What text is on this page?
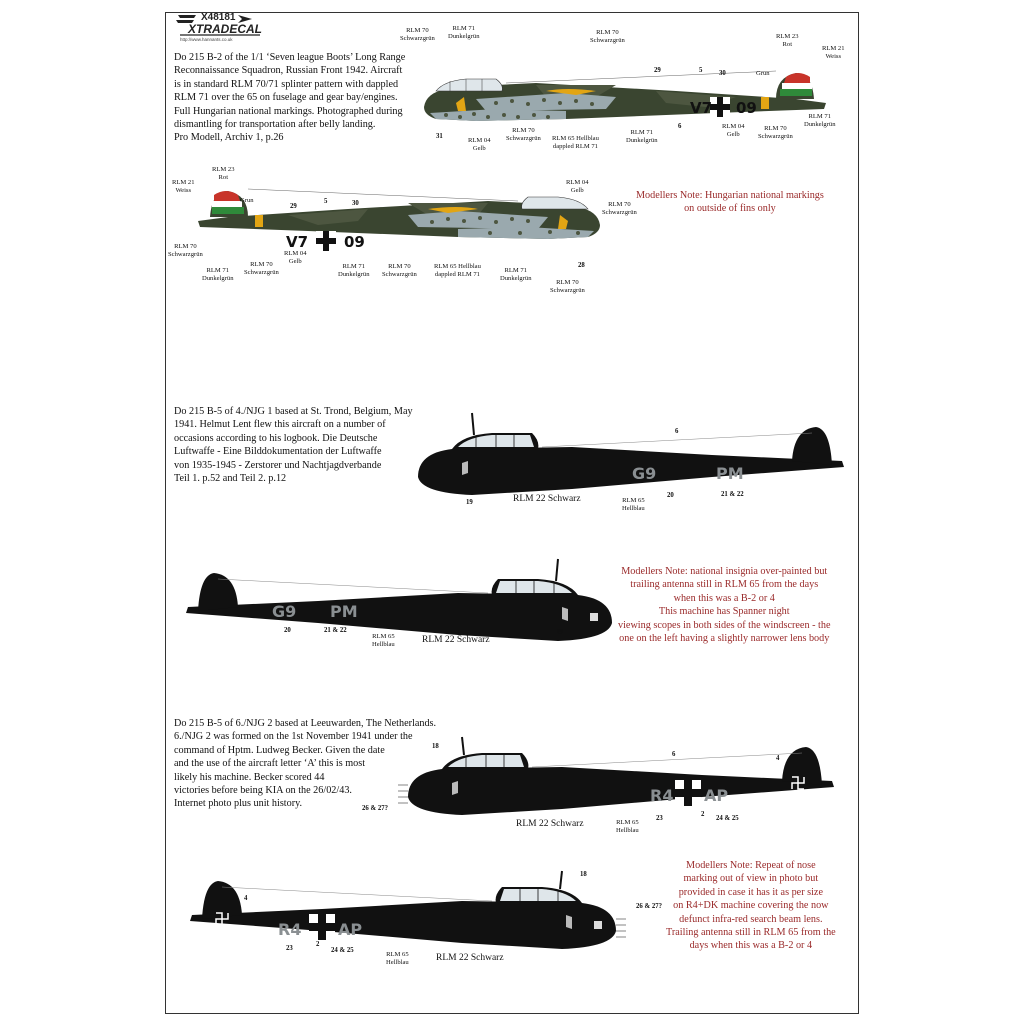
X48181
XTRADECAL
http://www.hannants.co.uk
Do 215 B-2 of the 1/1 ‘Seven league Boots’ Long Range
Reconnaissance Squadron, Russian Front 1942. Aircraft
is in standard RLM 70/71 splinter pattern with dappled
RLM 71 over the 65 on fuselage and gear bay/engines.
Full Hungarian national markings. Photographed during
dismantling for transportation after belly landing.
Pro Modell, Archiv 1, p.26
V7 09
RLM 70
Schwarzgrün
RLM 71
Dunkelgrün
RLM 70
Schwarzgrün
RLM 23
Rot
RLM 21
Weiss
Grun
29	5 30
31
RLM 04
Gelb
RLM 70
Schwarzgrün RLM 65 Hellblau
dappled RLM 71
RLM 71
Dunkelgrün
6	RLM 04
Gelb
RLM 70
Schwarzgrün
RLM 71
Dunkelgrün
V7 09
RLM 23
Rot
RLM 21
Weiss
Grun
29
5	30
RLM 04
Gelb
RLM 70
Schwarzgrün
RLM 70
Schwarzgrün
RLM 71
Dunkelgrün
RLM 70
Schwarzgrün
RLM 04
Gelb
RLM 71
Dunkelgrün
RLM 70
Schwarzgrün
RLM 65 Hellblau
dappled RLM 71
RLM 71
Dunkelgrün
28
RLM 70
Schwarzgrün
Modellers Note: Hungarian national markings
on outside of fins only
Do 215 B-5 of 4./NJG 1 based at St. Trond, Belgium, May
1941. Helmut Lent flew this aircraft on a number of
occasions according to his logbook. Die Deutsche
Luftwaffe - Eine Bilddokumentation der Luftwaffe
von 1935-1945 - Zerstorer und Nachtjagdverbande
Teil 1. p.52 and Teil 2. p.12	G9	PM
6
19	RLM 22 Schwarz	RLM 65
Hellblau
20	21 & 22
G9 PM
20	21 & 22
RLM 65
Hellblau	RLM 22 Schwarz
19
Modellers Note: national insignia over-painted but
trailing antenna still in RLM 65 from the days
when this was a B-2 or 4
This machine has Spanner night
viewing scopes in both sides of the windscreen - the
one on the left having a slightly narrower lens body
Do 215 B-5 of 6./NJG 2 based at Leeuwarden, The Netherlands.
6./NJG 2 was formed on the 1st November 1941 under the
command of Hptm. Ludweg Becker. Given the date
and the use of the aircraft letter ‘A’ this is most
likely his machine. Becker scored 44
victories before being KIA on the 26/02/43.
Internet photo plus unit history.	R4 AP
18
6
4
26 & 27?
RLM 22 Schwarz	RLM 65
Hellblau
23
2
24 & 25
R4 AP
4
18
26 & 27?
23
2
24 & 25
RLM 65
Hellblau	RLM 22 Schwarz
Modellers Note: Repeat of nose
marking out of view in photo but
provided in case it has it as per size
on R4+DK machine covering the now
defunct infra-red search beam lens.
Trailing antenna still in RLM 65 from the
days when this was a B-2 or 4
